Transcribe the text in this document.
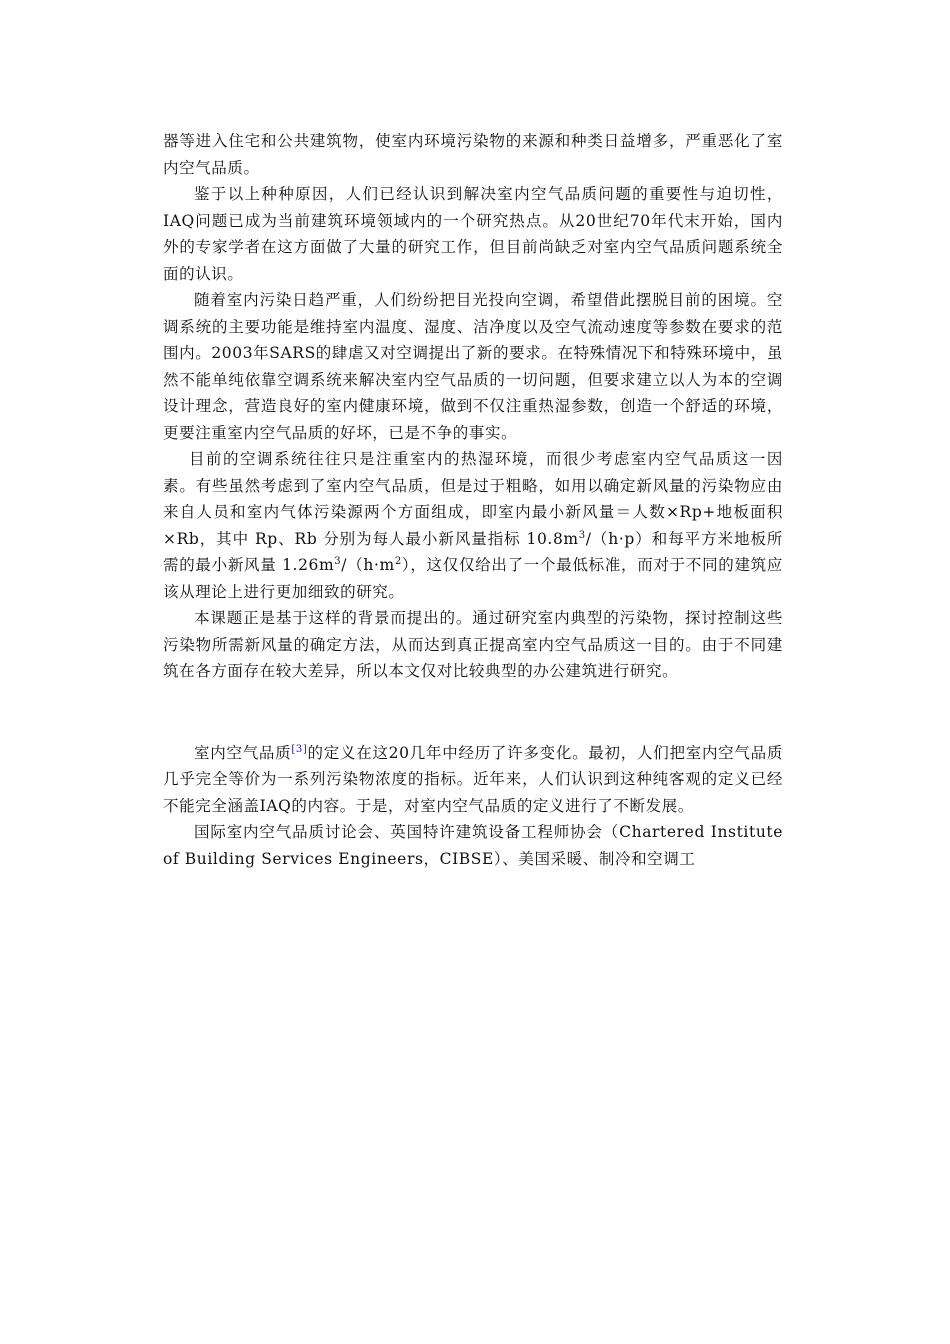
器等进入住宅和公共建筑物，使室内环境污染物的来源和种类日益增多，严重恶化了室内空气品质。

鉴于以上种种原因，人们已经认识到解决室内空气品质问题的重要性与迫切性，IAQ问题已成为当前建筑环境领域内的一个研究热点。从20世纪70年代末开始，国内外的专家学者在这方面做了大量的研究工作，但目前尚缺乏对室内空气品质问题系统全面的认识。

随着室内污染日趋严重，人们纷纷把目光投向空调，希望借此摆脱目前的困境。空调系统的主要功能是维持室内温度、湿度、洁净度以及空气流动速度等参数在要求的范围内。2003年SARS的肆虐又对空调提出了新的要求。在特殊情况下和特殊环境中，虽然不能单纯依靠空调系统来解决室内空气品质的一切问题，但要求建立以人为本的空调设计理念，营造良好的室内健康环境，做到不仅注重热湿参数，创造一个舒适的环境，更要注重室内空气品质的好坏，已是不争的事实。

目前的空调系统往往只是注重室内的热湿环境，而很少考虑室内空气品质这一因素。有些虽然考虑到了室内空气品质，但是过于粗略，如用以确定新风量的污染物应由来自人员和室内气体污染源两个方面组成，即室内最小新风量＝人数×Rp+地板面积×Rb，其中 Rp、Rb 分别为每人最小新风量指标 $10.8m^3/(h\cdot p)$和每平方米地板所需的最小新风量 $1.26m^3/(h\cdot m^2)$，这仅仅给出了一个最低标准，而对于不同的建筑应该从理论上进行更加细致的研究。

本课题正是基于这样的背景而提出的。通过研究室内典型的污染物，探讨控制这些污染物所需新风量的确定方法，从而达到真正提高室内空气品质这一目的。由于不同建筑在各方面存在较大差异，所以本文仅对比较典型的办公建筑进行研究。

室内空气品质[3]的定义在这20几年中经历了许多变化。最初，人们把室内空气品质几乎完全等价为一系列污染物浓度的指标。近年来，人们认识到这种纯客观的定义已经不能完全涵盖IAQ的内容。于是，对室内空气品质的定义进行了不断发展。

国际室内空气品质讨论会、英国特许建筑设备工程师协会（Chartered Institute of Building Services Engineers，CIBSE）、美国采暖、制冷和空调工
